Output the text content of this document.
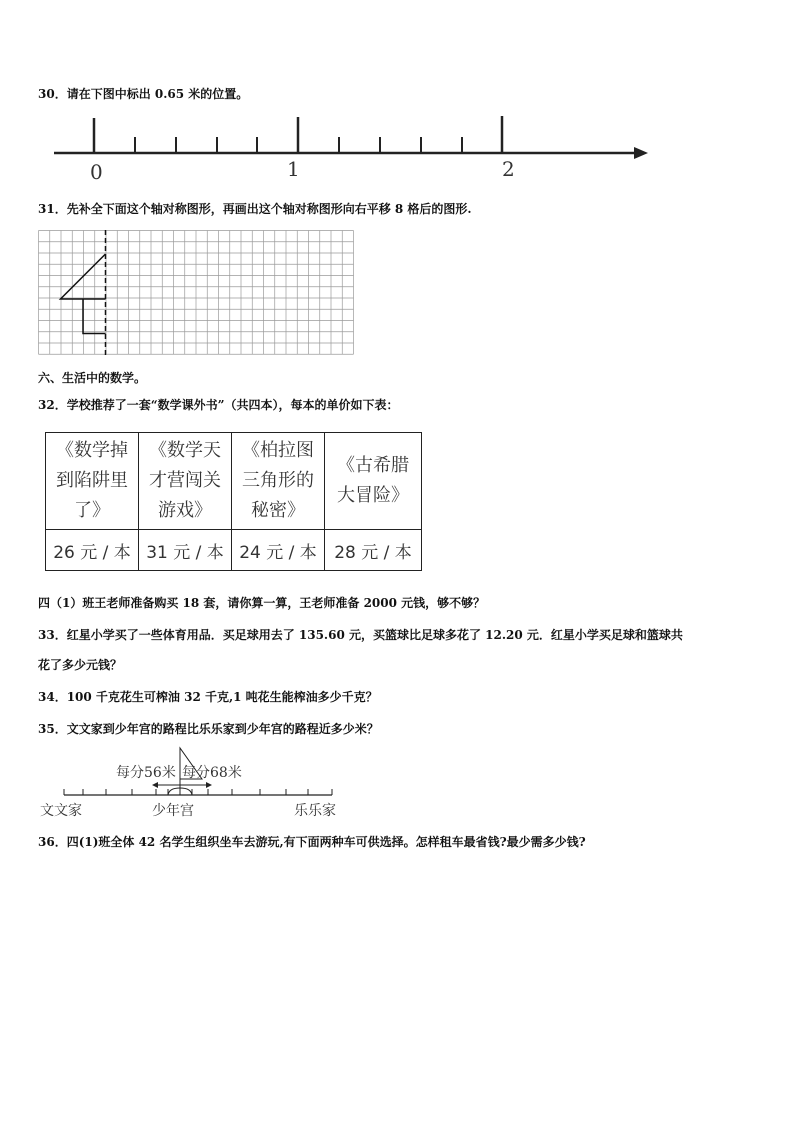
30．请在下图中标出 0.65 米的位置。
0	1	2
31．先补全下面这个轴对称图形，再画出这个轴对称图形向右平移 8 格后的图形.
六、生活中的数学。
32．学校推荐了一套“数学课外书”（共四本），每本的单价如下表：
《数学掉
到陷阱里
了》	《数学天
才营闯关
游戏》	《柏拉图
三角形的
秘密》	《古希腊
大冒险》

26 元 / 本	31 元 / 本	24 元 / 本	28 元 / 本
四（1）班王老师准备购买 18 套，请你算一算，王老师准备 2000 元钱，够不够？
33．红星小学买了一些体育用品．买足球用去了 135.60 元，买篮球比足球多花了 12.20 元．红星小学买足球和篮球共
花了多少元钱？
34．100 千克花生可榨油 32 千克,1 吨花生能榨油多少千克？
35．文文家到少年宫的路程比乐乐家到少年宫的路程近多少米？
每分56米 每分68米
文文家	少年宫	乐乐家
36．四(1)班全体 42 名学生组织坐车去游玩,有下面两种车可供选择。怎样租车最省钱?最少需多少钱?
